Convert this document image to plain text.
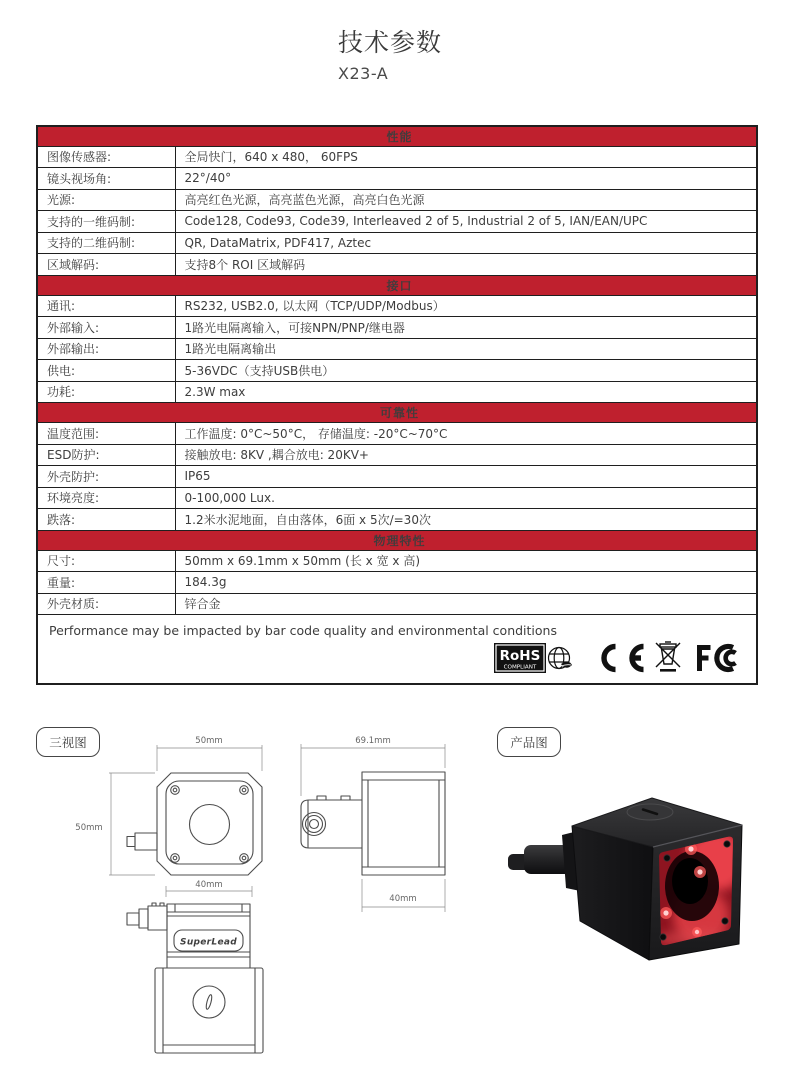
技术参数
X23-A
性能	
图像传感器:	全局快门，640 x 480， 60FPS
镜头视场角:	22°/40°
光源:	高亮红色光源，高亮蓝色光源，高亮白色光源
支持的一维码制:	Code128, Code93, Code39, Interleaved 2 of 5, Industrial 2 of 5, IAN/EAN/UPC
支持的二维码制:	QR, DataMatrix, PDF417, Aztec
区域解码:	支持8个 ROI 区域解码
接口	
通讯:	RS232, USB2.0, 以太网（TCP/UDP/Modbus）
外部输入:	1路光电隔离输入，可接NPN/PNP/继电器
外部输出:	1路光电隔离输出
供电:	5-36VDC（支持USB供电）
功耗:	2.3W max
可靠性	
温度范围:	工作温度: 0°C~50°C， 存储温度: -20°C~70°C
ESD防护:	接触放电: 8KV ,耦合放电: 20KV+
外壳防护:	IP65
环境亮度:	0-100,000 Lux.
跌落:	1.2米水泥地面，自由落体，6面 x 5次/=30次
物理特性	
尺寸:	50mm x 69.1mm x 50mm (长 x 宽 x 高)
重量:	184.3g
外壳材质:	锌合金

Performance may be impacted by bar code quality and environmental conditions
RoHS
COMPLIANT	
三视图	产品图
50mm
50mm
40mm
69.1mm
40mm
SuperLead
